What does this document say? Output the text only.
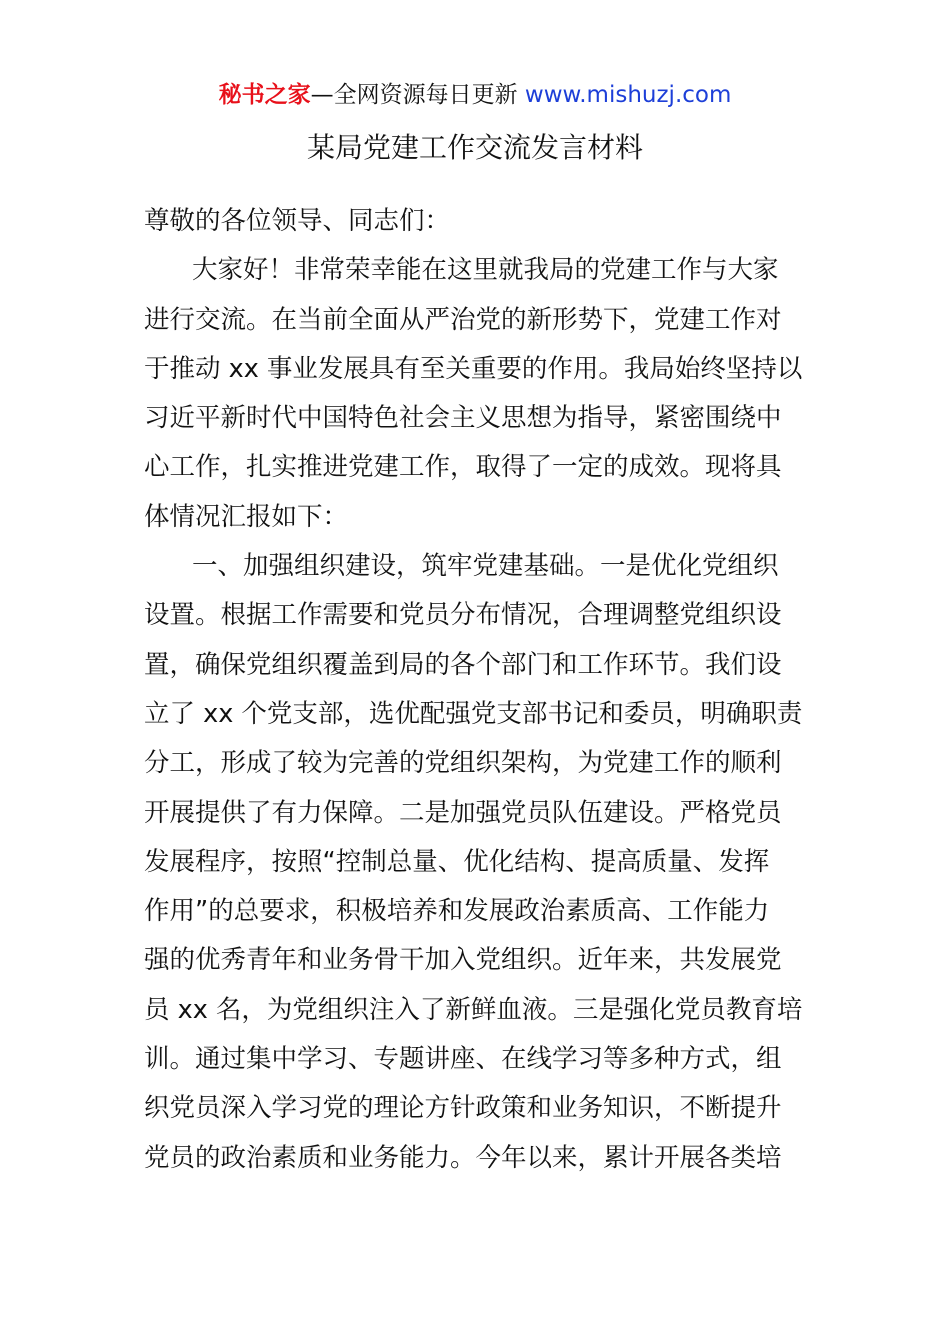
秘书之家—全网资源每日更新 www.mishuzj.com
某局党建工作交流发言材料
尊敬的各位领导、同志们：
大家好！非常荣幸能在这里就我局的党建工作与大家
进行交流。在当前全面从严治党的新形势下，党建工作对
于推动 xx 事业发展具有至关重要的作用。我局始终坚持以
习近平新时代中国特色社会主义思想为指导，紧密围绕中
心工作，扎实推进党建工作，取得了一定的成效。现将具
体情况汇报如下：
一、加强组织建设，筑牢党建基础。一是优化党组织
设置。根据工作需要和党员分布情况，合理调整党组织设
置，确保党组织覆盖到局的各个部门和工作环节。我们设
立了 xx 个党支部，选优配强党支部书记和委员，明确职责
分工，形成了较为完善的党组织架构，为党建工作的顺利
开展提供了有力保障。二是加强党员队伍建设。严格党员
发展程序，按照“控制总量、优化结构、提高质量、发挥
作用”的总要求，积极培养和发展政治素质高、工作能力
强的优秀青年和业务骨干加入党组织。近年来，共发展党
员 xx 名，为党组织注入了新鲜血液。三是强化党员教育培
训。通过集中学习、专题讲座、在线学习等多种方式，组
织党员深入学习党的理论方针政策和业务知识，不断提升
党员的政治素质和业务能力。今年以来，累计开展各类培
